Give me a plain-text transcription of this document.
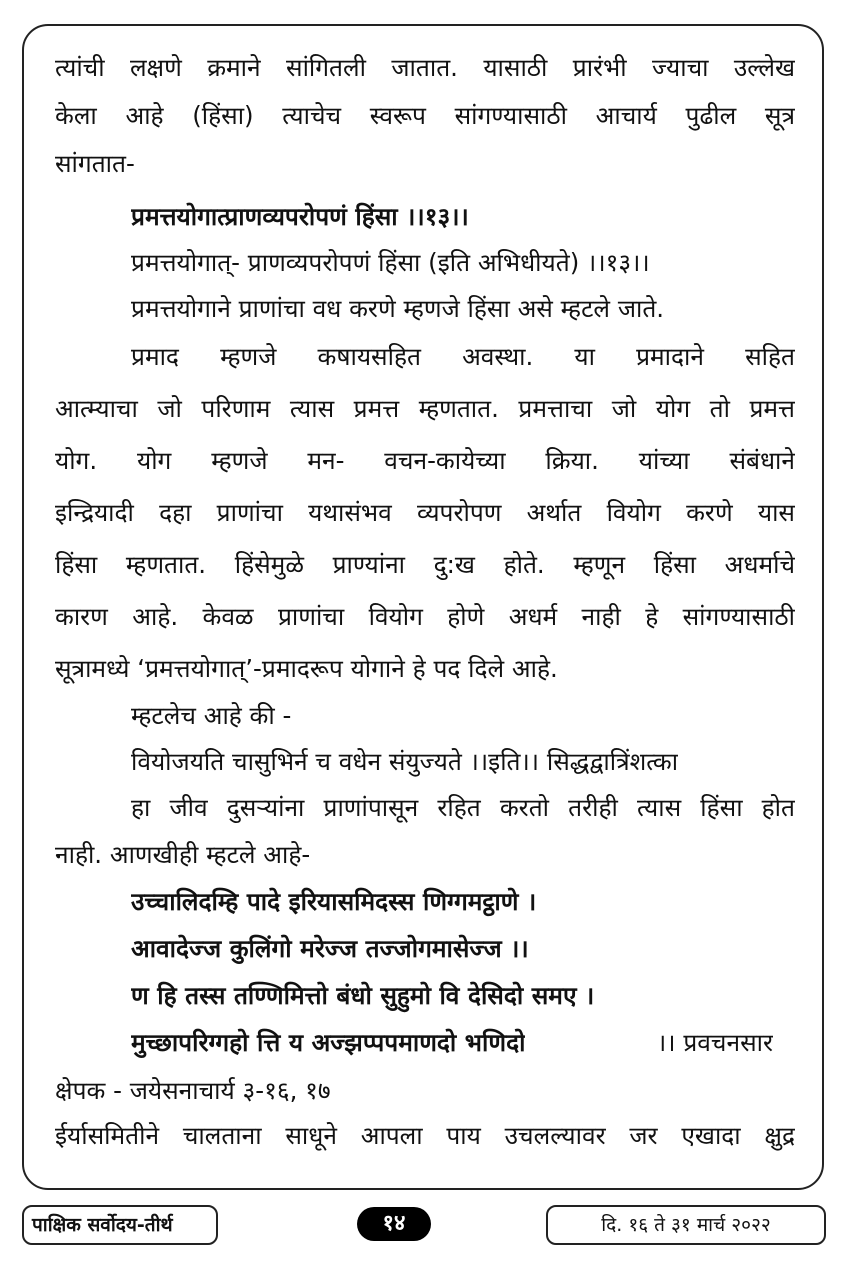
त्यांची लक्षणे क्रमाने सांगितली जातात. यासाठी प्रारंभी ज्याचा उल्लेख
केला आहे (हिंसा) त्याचेच स्वरूप सांगण्यासाठी आचार्य पुढील सूत्र
सांगतात-
प्रमत्तयोगात्प्राणव्यपरोपणं हिंसा ।।१३।।
प्रमत्तयोगात्- प्राणव्यपरोपणं हिंसा (इति अभिधीयते) ।।१३।।
प्रमत्तयोगाने प्राणांचा वध करणे म्हणजे हिंसा असे म्हटले जाते.
प्रमाद म्हणजे कषायसहित अवस्था. या प्रमादाने सहित
आत्म्याचा जो परिणाम त्यास प्रमत्त म्हणतात. प्रमत्ताचा जो योग तो प्रमत्त
योग. योग म्हणजे मन- वचन-कायेच्या क्रिया. यांच्या संबंधाने
इन्द्रियादी दहा प्राणांचा यथासंभव व्यपरोपण अर्थात वियोग करणे यास
हिंसा म्हणतात. हिंसेमुळे प्राण्यांना दु:ख होते. म्हणून हिंसा अधर्माचे
कारण आहे. केवळ प्राणांचा वियोग होणे अधर्म नाही हे सांगण्यासाठी
सूत्रामध्ये ‘प्रमत्तयोगात्’-प्रमादरूप योगाने हे पद दिले आहे.
म्हटलेच आहे की -
वियोजयति चासुभिर्न च वधेन संयुज्यते ।।इति।। सिद्धद्वात्रिंशत्का
हा जीव दुसऱ्यांना प्राणांपासून रहित करतो तरीही त्यास हिंसा होत
नाही. आणखीही म्हटले आहे-
उच्चालिदम्हि पादे इरियासमिदस्स णिग्गमट्ठाणे ।
आवादेज्ज कुलिंगो मरेज्ज तज्जोगमासेज्ज ।।
ण हि तस्स तण्णिमित्तो बंधो सुहुमो वि देसिदो समए ।
मुच्छापरिग्गहो त्ति य अज्झप्पपमाणदो भणिदो	।। प्रवचनसार
क्षेपक - जयेसनाचार्य ३-१६, १७
ईर्यासमितीने चालताना साधूने आपला पाय उचलल्यावर जर एखादा क्षुद्र
पाक्षिक सर्वोदय-तीर्थ	१४	दि. १६ ते ३१ मार्च २०२२
